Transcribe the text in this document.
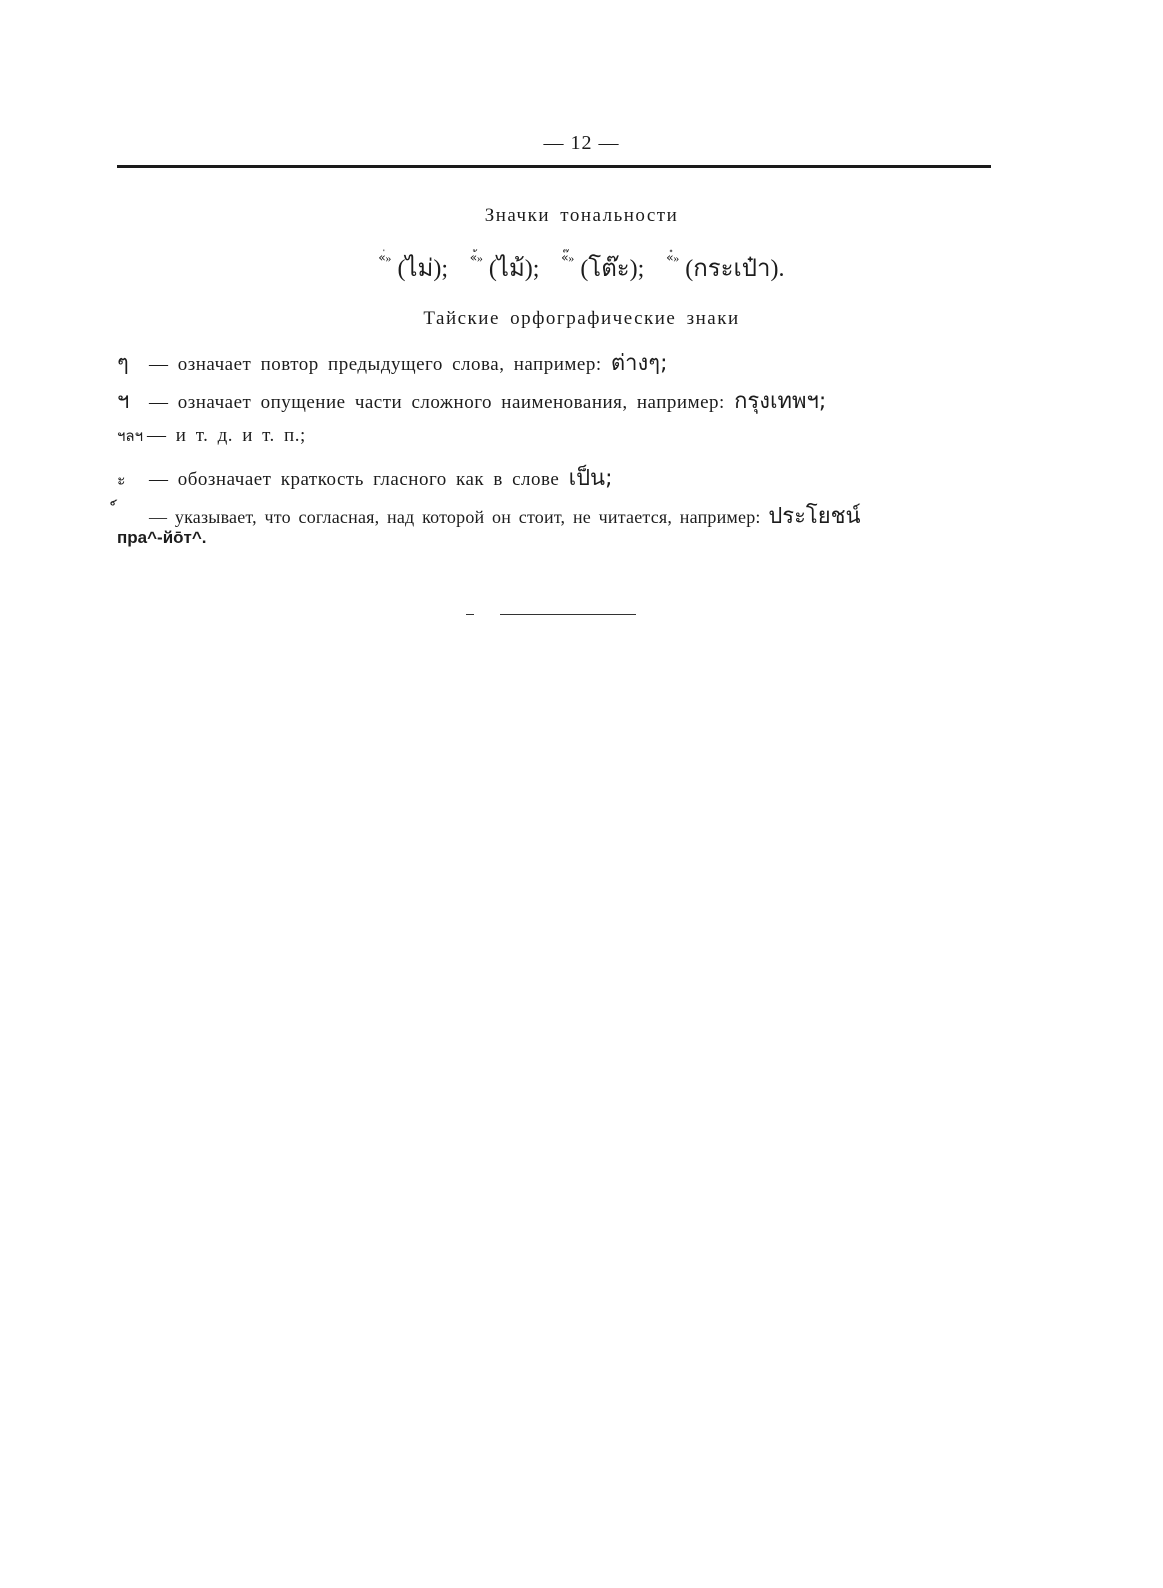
— 12 —
Значки тональности
«่» (ไม่); «้» (ไม้); «๊» (โต๊ะ); «๋» (กระเป๋า).
Тайские орфографические знаки
ๆ — означает повтор предыдущего слова, например: ต่างๆ;
ฯ — означает опущение части сложного наименования, например: กรุงเทพฯ;
ฯลฯ — и т. д. и т. п.;
ะ — обозначает краткость гласного как в слове เป็น;
— указывает, что согласная, над которой он стоит, не читается, например: ประโยชน์
пра^-йōт^.
